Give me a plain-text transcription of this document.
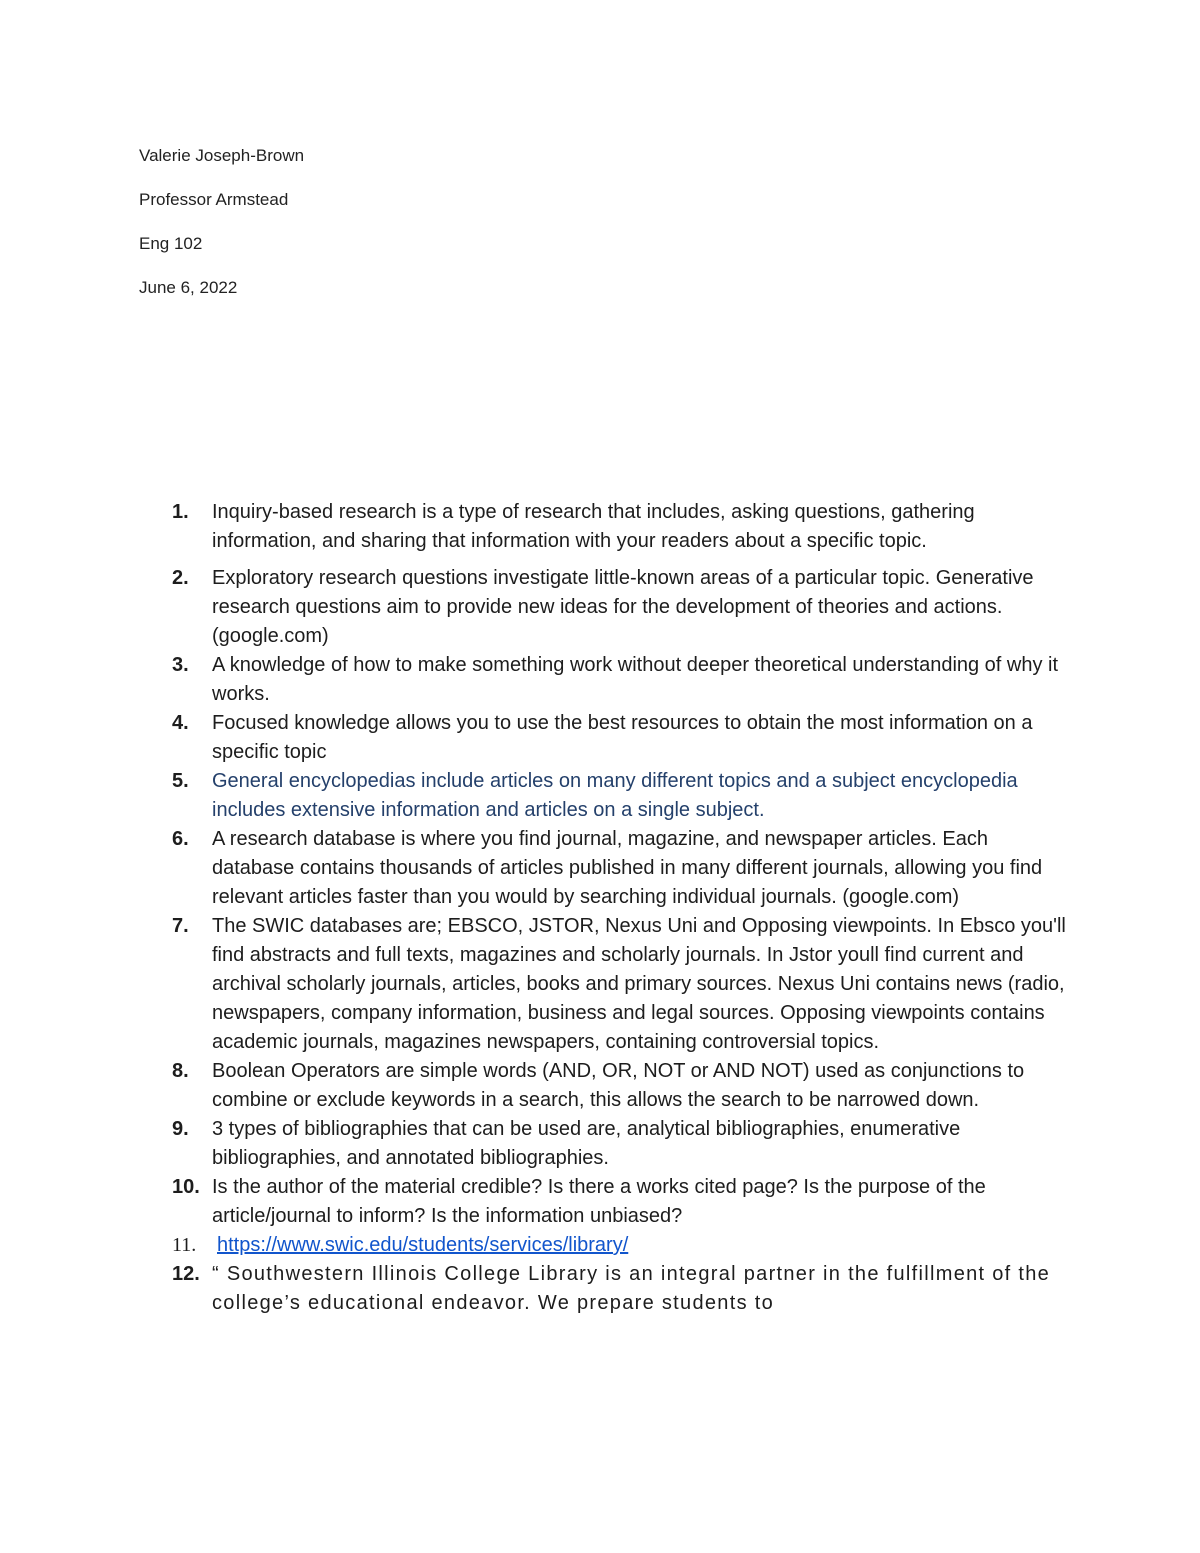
Valerie Joseph-Brown
Professor Armstead
Eng 102
June 6, 2022
1. Inquiry-based research is a type of research that includes, asking questions, gathering information, and sharing that information with your readers about a specific topic.
2. Exploratory research questions investigate little-known areas of a particular topic. Generative research questions aim to provide new ideas for the development of theories and actions. (google.com)
3. A knowledge of how to make something work without deeper theoretical understanding of why it works.
4. Focused knowledge allows you to use the best resources to obtain the most information on a specific topic
5. General encyclopedias include articles on many different topics and a subject encyclopedia includes extensive information and articles on a single subject.
6. A research database is where you find journal, magazine, and newspaper articles. Each database contains thousands of articles published in many different journals, allowing you find relevant articles faster than you would by searching individual journals. (google.com)
7. The SWIC databases are; EBSCO, JSTOR, Nexus Uni and Opposing viewpoints. In Ebsco you'll find abstracts and full texts, magazines and scholarly journals. In Jstor youll find current and archival scholarly journals, articles, books and primary sources. Nexus Uni contains news (radio, newspapers, company information, business and legal sources. Opposing viewpoints contains academic journals, magazines newspapers, containing controversial topics.
8. Boolean Operators are simple words (AND, OR, NOT or AND NOT) used as conjunctions to combine or exclude keywords in a search, this allows the search to be narrowed down.
9. 3 types of bibliographies that can be used are, analytical bibliographies, enumerative bibliographies, and annotated bibliographies.
10. Is the author of the material credible? Is there a works cited page? Is the purpose of the article/journal to inform? Is the information unbiased?
11. https://www.swic.edu/students/services/library/
12. “ Southwestern Illinois College Library is an integral partner in the fulfillment of the college’s educational endeavor. We prepare students to
